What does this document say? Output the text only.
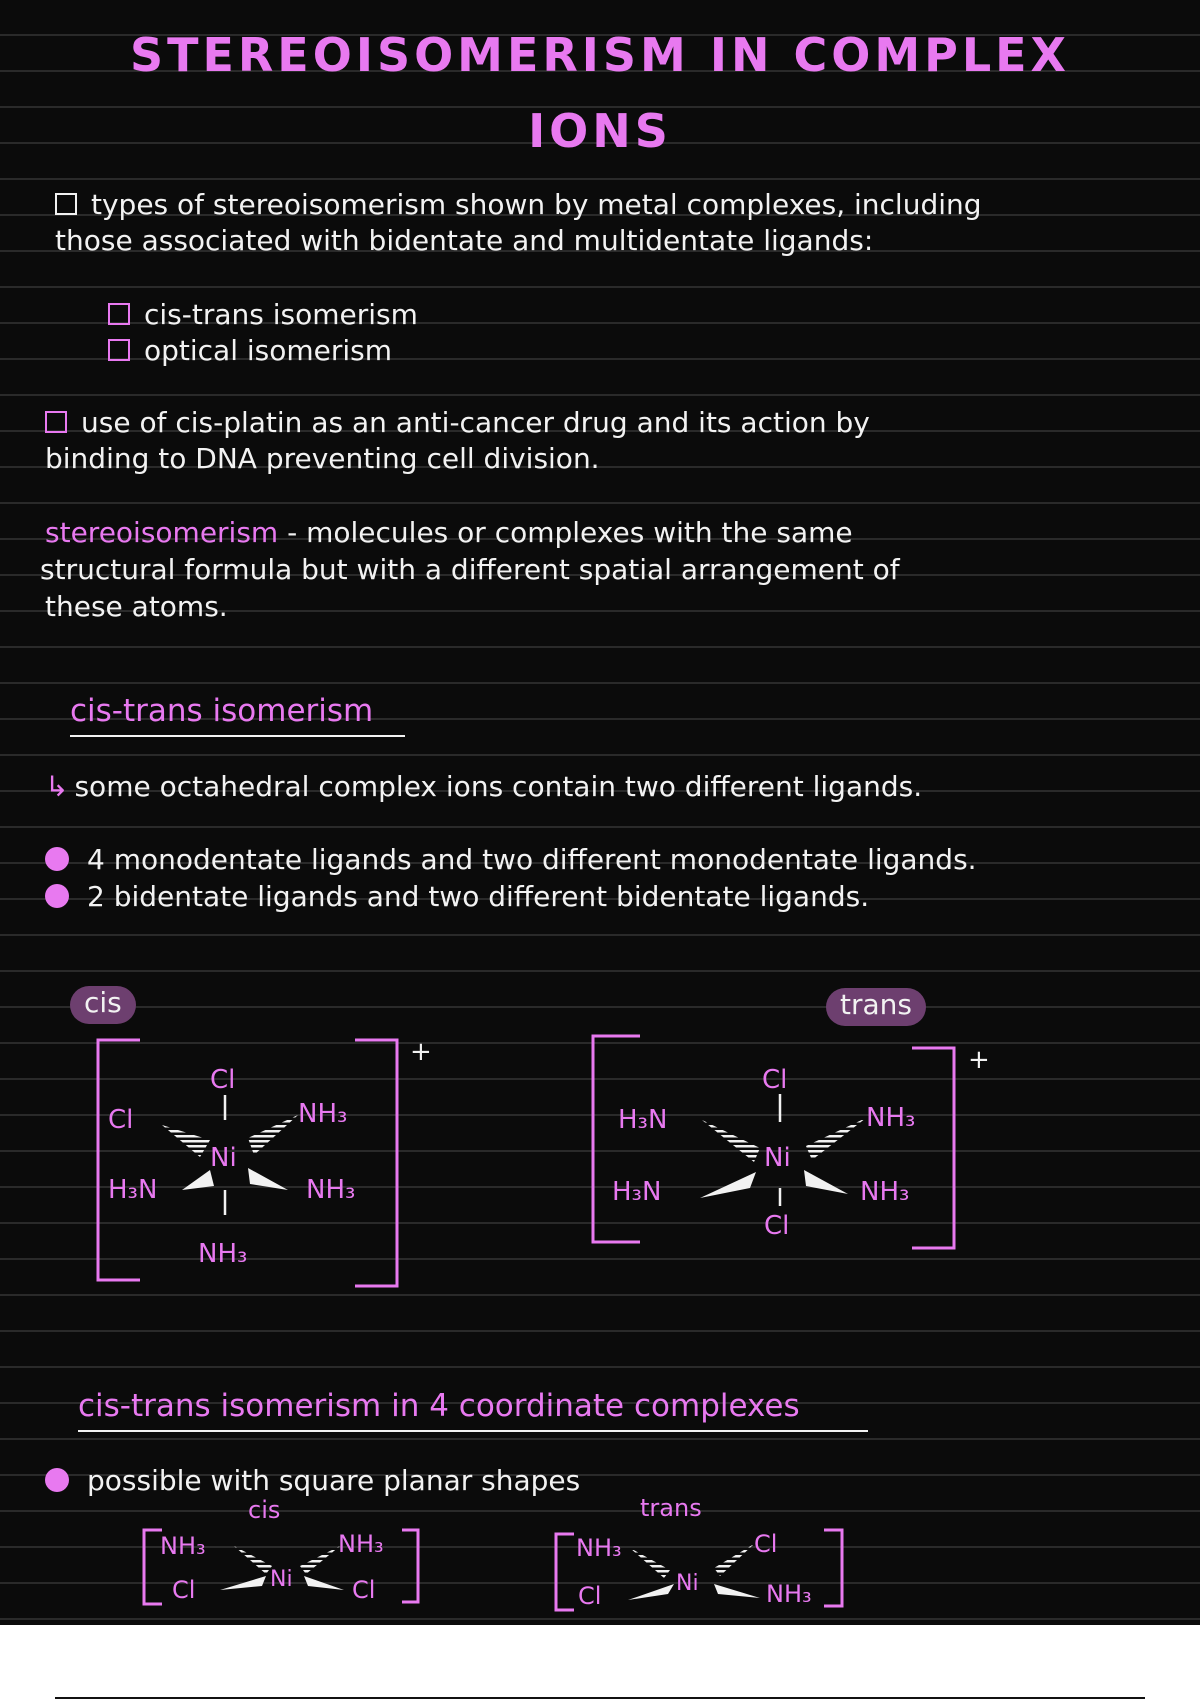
STEREOISOMERISM IN COMPLEX
IONS
types of stereoisomerism shown by metal complexes, including
those associated with bidentate and multidentate ligands:
cis-trans isomerism
optical isomerism
use of cis-platin as an anti-cancer drug and its action by
binding to DNA preventing cell division.
stereoisomerism - molecules or complexes with the same
structural formula but with a different spatial arrangement of
these atoms.
cis-trans isomerism
↳ some octahedral complex ions contain two different ligands.
4 monodentate ligands and two different monodentate ligands.
2 bidentate ligands and two different bidentate ligands.
cis	trans
+
Cl
Ni
Cl	NH₃
H₃N	NH₃
NH₃
+
Cl
Ni
H₃N	NH₃
H₃N	NH₃
Cl
cis-trans isomerism in 4 coordinate complexes
possible with square planar shapes
cis	trans
NH₃	NH₃
Ni
Cl	Cl
NH₃	Cl
Ni
Cl	NH₃
